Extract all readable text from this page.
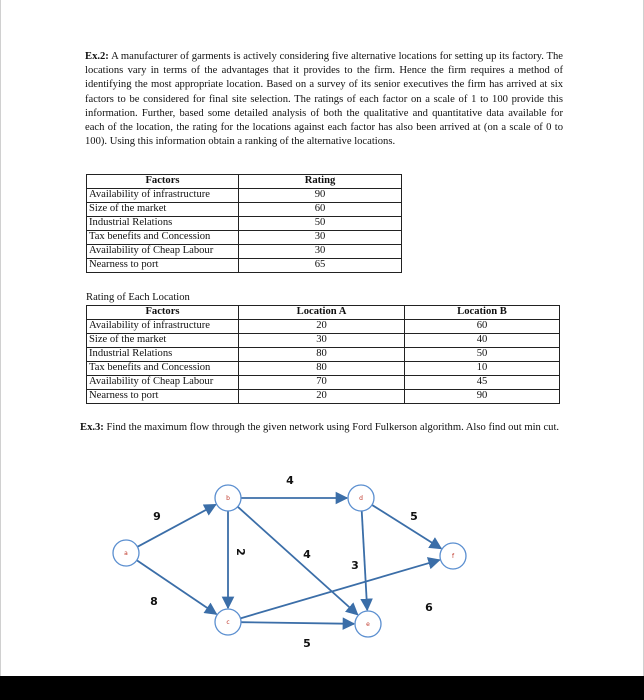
Ex.2: A manufacturer of garments is actively considering five alternative locations for setting up its factory. The locations vary in terms of the advantages that it provides to the firm. Hence the firm requires a method of identifying the most appropriate location. Based on a survey of its senior executives the firm has arrived at six factors to be considered for final site selection. The ratings of each factor on a scale of 1 to 100 provide this information. Further, based some detailed analysis of both the qualitative and quantitative data available for each of the location, the rating for the locations against each factor has also been arrived at (on a scale of 0 to 100). Using this information obtain a ranking of the alternative locations.
Factors	Rating
Availability of infrastructure	90
Size of the market	60
Industrial Relations	50
Tax benefits and Concession	30
Availability of Cheap Labour	30
Nearness to port	65
Rating of Each Location
Factors	Location A	Location B
Availability of infrastructure	20	60
Size of the market	30	40
Industrial Relations	80	50
Tax benefits and Concession	80	10
Availability of Cheap Labour	70	45
Nearness to port	20	90
Ex.3: Find the maximum flow through the given network using Ford Fulkerson algorithm. Also find out min cut.
a
b
c
d
e
f
9
8
2
4
4
5
6
5
3
